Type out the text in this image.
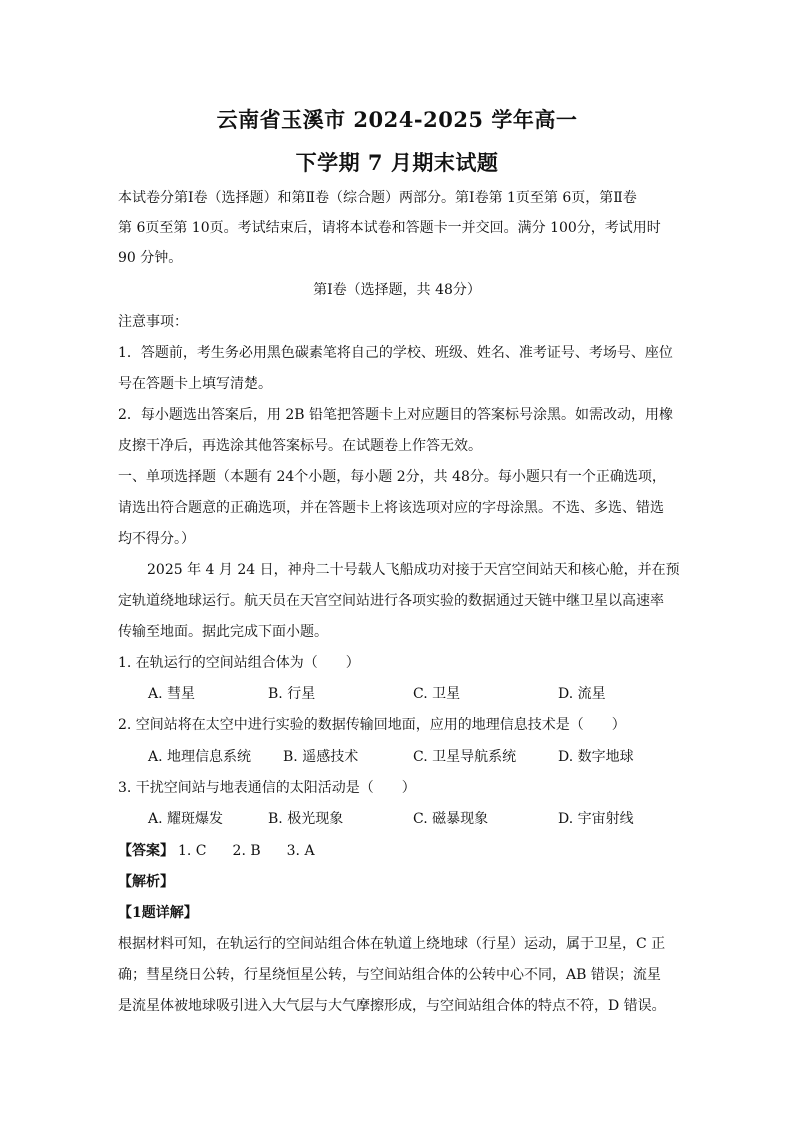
云南省玉溪市 2024-2025 学年高一
下学期 7 月期末试题
本试卷分第Ⅰ卷（选择题）和第Ⅱ卷（综合题）两部分。第Ⅰ卷第 1页至第 6页，第Ⅱ卷
第 6页至第 10页。考试结束后，请将本试卷和答题卡一并交回。满分 100分，考试用时
90 分钟。
第Ⅰ卷（选择题，共 48分）
注意事项：
1．答题前，考生务必用黑色碳素笔将自己的学校、班级、姓名、准考证号、考场号、座位
号在答题卡上填写清楚。
2．每小题选出答案后，用 2B 铅笔把答题卡上对应题目的答案标号涂黑。如需改动，用橡
皮擦干净后，再选涂其他答案标号。在试题卷上作答无效。
一、单项选择题（本题有 24个小题，每小题 2分，共 48分。每小题只有一个正确选项，
请选出符合题意的正确选项，并在答题卡上将该选项对应的字母涂黑。不选、多选、错选
均不得分。）
2025 年 4 月 24 日，神舟二十号载人飞船成功对接于天宫空间站天和核心舱，并在预
定轨道绕地球运行。航天员在天宫空间站进行各项实验的数据通过天链中继卫星以高速率
传输至地面。据此完成下面小题。
1. 在轨运行的空间站组合体为（　　）
A. 彗星	B. 行星	C. 卫星	D. 流星
2. 空间站将在太空中进行实验的数据传输回地面，应用的地理信息技术是（　　）
A. 地理信息系统 B. 遥感技术	C. 卫星导航系统	D. 数字地球
3. 干扰空间站与地表通信的太阳活动是（　　）
A. 耀斑爆发	B. 极光现象	C. 磁暴现象	D. 宇宙射线
【答案】 1. C 2. B 3. A
【解析】
【1题详解】
根据材料可知，在轨运行的空间站组合体在轨道上绕地球（行星）运动，属于卫星，C 正
确；彗星绕日公转，行星绕恒星公转，与空间站组合体的公转中心不同，AB 错误；流星
是流星体被地球吸引进入大气层与大气摩擦形成，与空间站组合体的特点不符，D 错误。
